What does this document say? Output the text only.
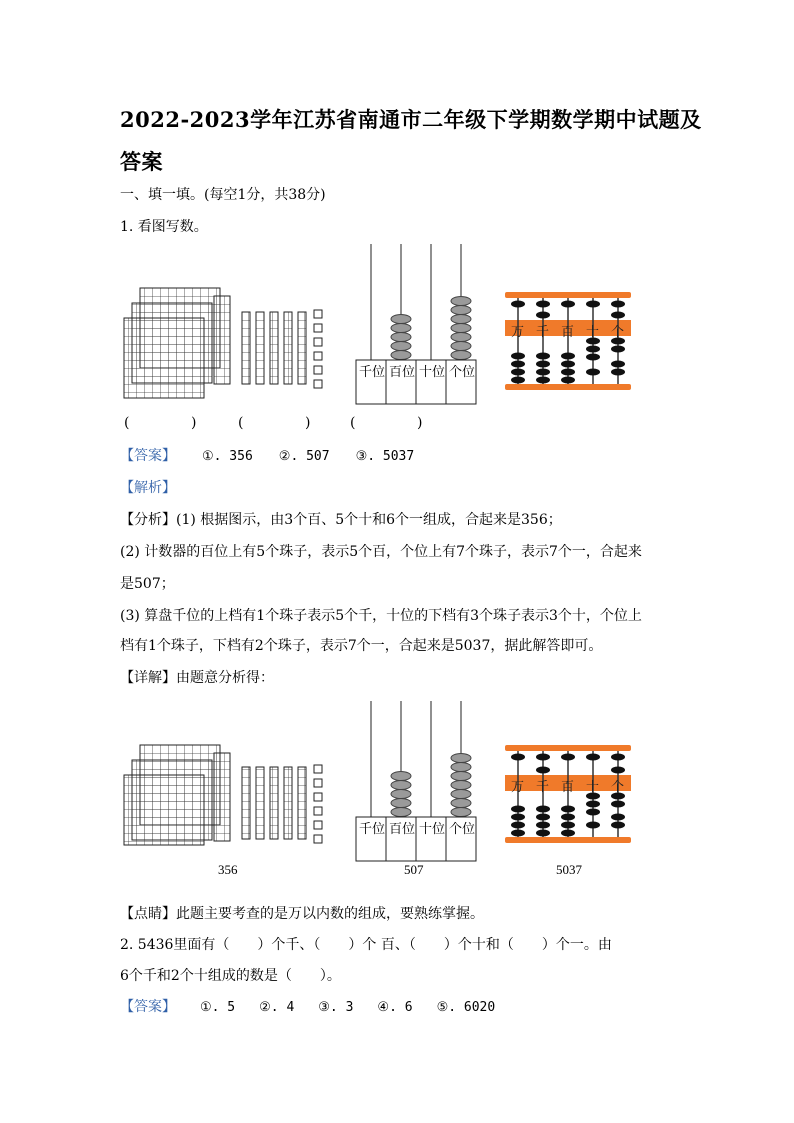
2022-2023学年江苏省南通市二年级下学期数学期中试题及
答案
一、填一填。(每空1分，共38分)
1. 看图写数。
千位 百位 十位 个位
万 千 百 十 个
(	)	(	)	(	)
【答案】 ①. 356 ②. 507 ③. 5037
【解析】
【分析】(1) 根据图示，由3个百、5个十和6个一组成，合起来是356；
(2) 计数器的百位上有5个珠子，表示5个百，个位上有7个珠子，表示7个一，合起来
是507；
(3) 算盘千位的上档有1个珠子表示5个千，十位的下档有3个珠子表示3个十，个位上
档有1个珠子，下档有2个珠子，表示7个一，合起来是5037，据此解答即可。
【详解】由题意分析得：
千位 百位 十位 个位
万 千 百 十 个
356	507	5037
【点睛】此题主要考查的是万以内数的组成，要熟练掌握。
2. 5436里面有（　　）个千、（　　）个 百、（　　）个十和（　　）个一。由
6个千和2个十组成的数是（　　）。
【答案】 ①. 5 ②. 4 ③. 3 ④. 6 ⑤. 6020
